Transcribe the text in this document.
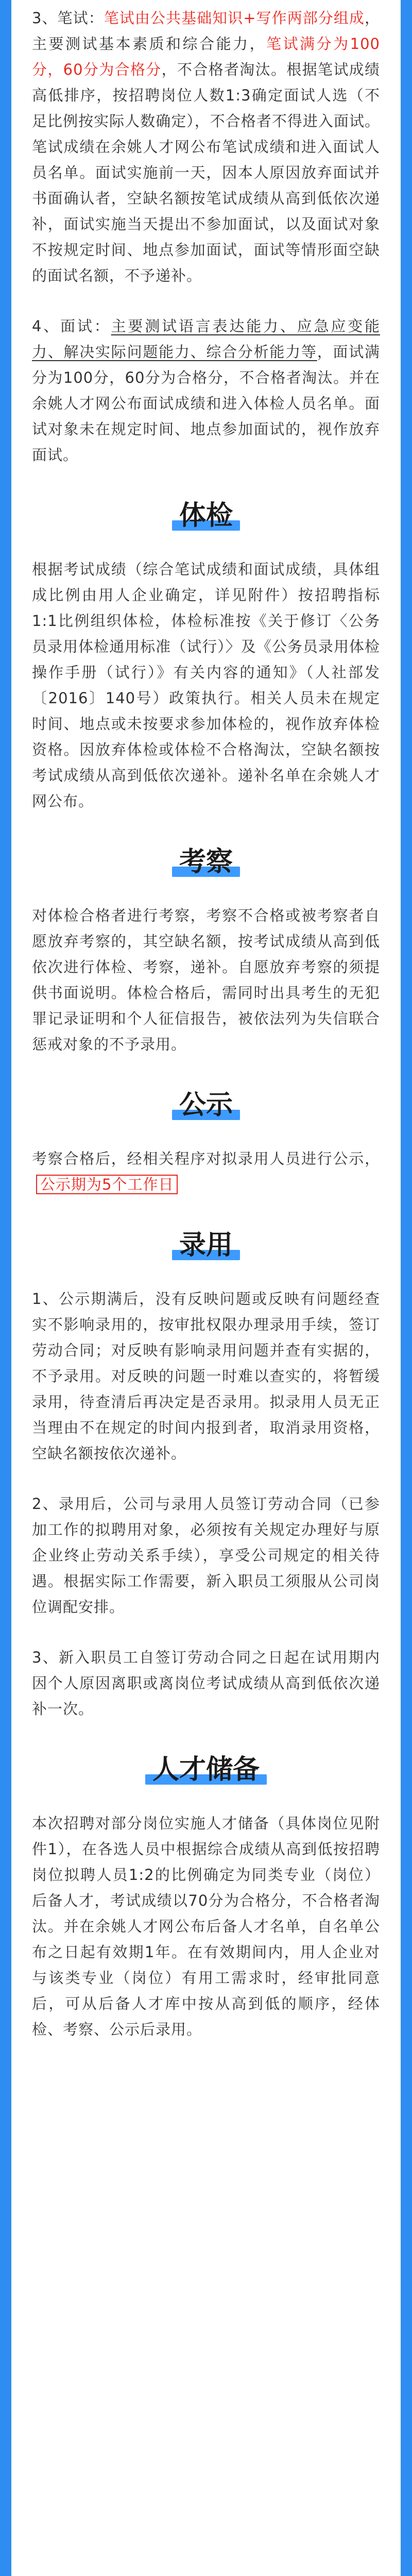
3、笔试：笔试由公共基础知识+写作两部分组成，主要测试基本素质和综合能力，笔试满分为100分，60分为合格分，不合格者淘汰。根据笔试成绩高低排序，按招聘岗位人数1:3确定面试人选（不足比例按实际人数确定），不合格者不得进入面试。笔试成绩在余姚人才网公布笔试成绩和进入面试人员名单。面试实施前一天，因本人原因放弃面试并书面确认者，空缺名额按笔试成绩从高到低依次递补，面试实施当天提出不参加面试，以及面试对象不按规定时间、地点参加面试，面试等情形面空缺的面试名额，不予递补。

4、面试：主要测试语言表达能力、应急应变能力、解决实际问题能力、综合分析能力等，面试满分为100分，60分为合格分，不合格者淘汰。并在余姚人才网公布面试成绩和进入体检人员名单。面试对象未在规定时间、地点参加面试的，视作放弃面试。

体检

根据考试成绩（综合笔试成绩和面试成绩，具体组成比例由用人企业确定，详见附件）按招聘指标1:1比例组织体检，体检标准按《关于修订〈公务员录用体检通用标准（试行）〉及《公务员录用体检操作手册（试行）》有关内容的通知》（人社部发〔2016〕140号）政策执行。相关人员未在规定时间、地点或未按要求参加体检的，视作放弃体检资格。因放弃体检或体检不合格淘汰，空缺名额按考试成绩从高到低依次递补。递补名单在余姚人才网公布。

考察

对体检合格者进行考察，考察不合格或被考察者自愿放弃考察的，其空缺名额，按考试成绩从高到低依次进行体检、考察，递补。自愿放弃考察的须提供书面说明。体检合格后，需同时出具考生的无犯罪记录证明和个人征信报告，被依法列为失信联合惩戒对象的不予录用。

公示

考察合格后，经相关程序对拟录用人员进行公示，公示期为5个工作日

录用

1、公示期满后，没有反映问题或反映有问题经查实不影响录用的，按审批权限办理录用手续，签订劳动合同；对反映有影响录用问题并查有实据的，不予录用。对反映的问题一时难以查实的，将暂缓录用，待查清后再决定是否录用。拟录用人员无正当理由不在规定的时间内报到者，取消录用资格，空缺名额按依次递补。

2、录用后，公司与录用人员签订劳动合同（已参加工作的拟聘用对象，必须按有关规定办理好与原企业终止劳动关系手续），享受公司规定的相关待遇。根据实际工作需要，新入职员工须服从公司岗位调配安排。

3、新入职员工自签订劳动合同之日起在试用期内因个人原因离职或离岗位考试成绩从高到低依次递补一次。

人才储备

本次招聘对部分岗位实施人才储备（具体岗位见附件1），在各选人员中根据综合成绩从高到低按招聘岗位拟聘人员1:2的比例确定为同类专业（岗位）后备人才，考试成绩以70分为合格分，不合格者淘汰。并在余姚人才网公布后备人才名单，自名单公布之日起有效期1年。在有效期间内，用人企业对与该类专业（岗位）有用工需求时，经审批同意后，可从后备人才库中按从高到低的顺序，经体检、考察、公示后录用。
